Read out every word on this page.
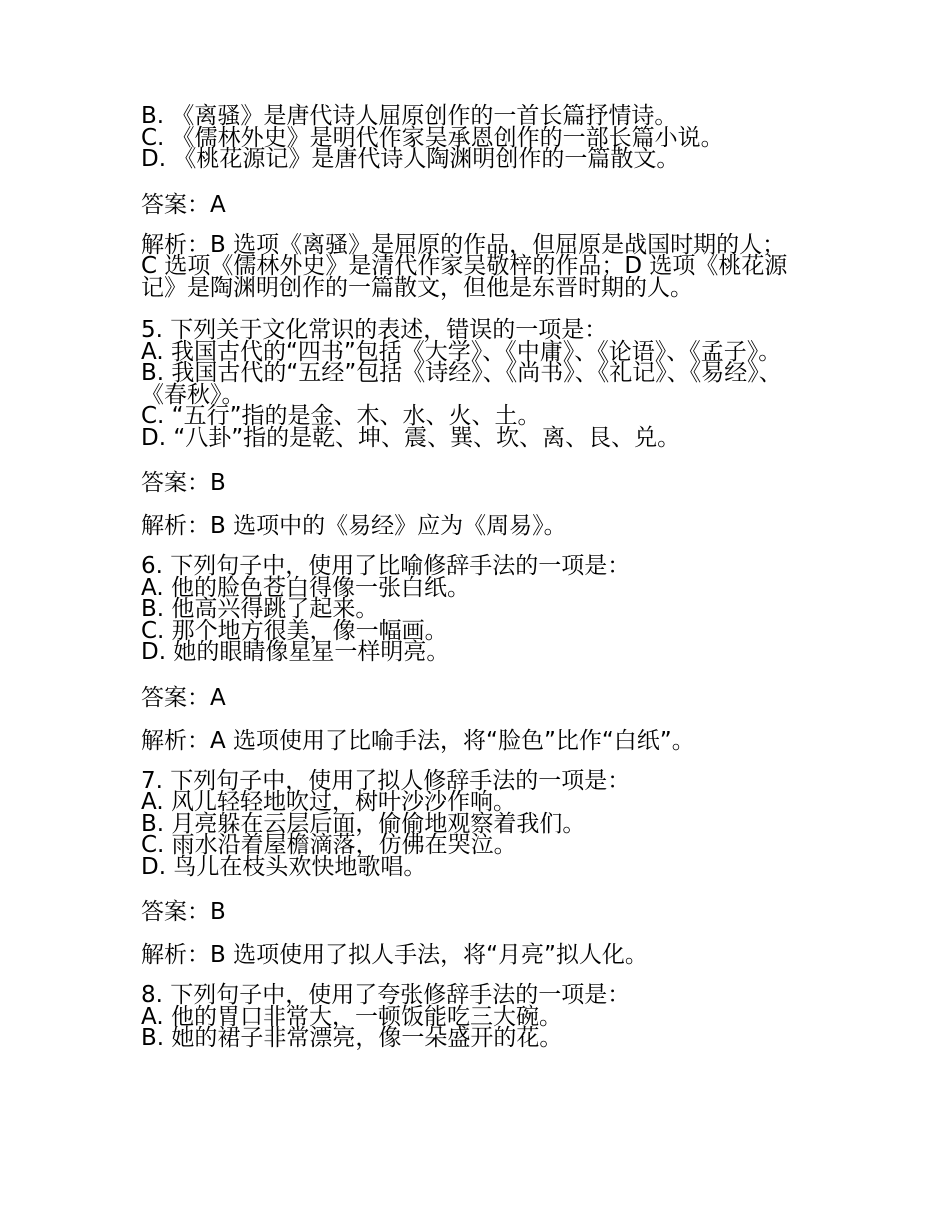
B. 《离骚》是唐代诗人屈原创作的一首长篇抒情诗。
C. 《儒林外史》是明代作家吴承恩创作的一部长篇小说。
D. 《桃花源记》是唐代诗人陶渊明创作的一篇散文。
答案：A
解析：B 选项《离骚》是屈原的作品，但屈原是战国时期的人；C 选项《儒林外史》是清代作家吴敬梓的作品；D 选项《桃花源记》是陶渊明创作的一篇散文，但他是东晋时期的人。
5. 下列关于文化常识的表述，错误的一项是：
A. 我国古代的“四书”包括《大学》、《中庸》、《论语》、《孟子》。
B. 我国古代的“五经”包括《诗经》、《尚书》、《礼记》、《易经》、《春秋》。
C. “五行”指的是金、木、水、火、土。
D. “八卦”指的是乾、坤、震、巽、坎、离、艮、兑。
答案：B
解析：B 选项中的《易经》应为《周易》。
6. 下列句子中，使用了比喻修辞手法的一项是：
A. 他的脸色苍白得像一张白纸。
B. 他高兴得跳了起来。
C. 那个地方很美，像一幅画。
D. 她的眼睛像星星一样明亮。
答案：A
解析：A 选项使用了比喻手法，将“脸色”比作“白纸”。
7. 下列句子中，使用了拟人修辞手法的一项是：
A. 风儿轻轻地吹过，树叶沙沙作响。
B. 月亮躲在云层后面，偷偷地观察着我们。
C. 雨水沿着屋檐滴落，仿佛在哭泣。
D. 鸟儿在枝头欢快地歌唱。
答案：B
解析：B 选项使用了拟人手法，将“月亮”拟人化。
8. 下列句子中，使用了夸张修辞手法的一项是：
A. 他的胃口非常大，一顿饭能吃三大碗。
B. 她的裙子非常漂亮，像一朵盛开的花。
